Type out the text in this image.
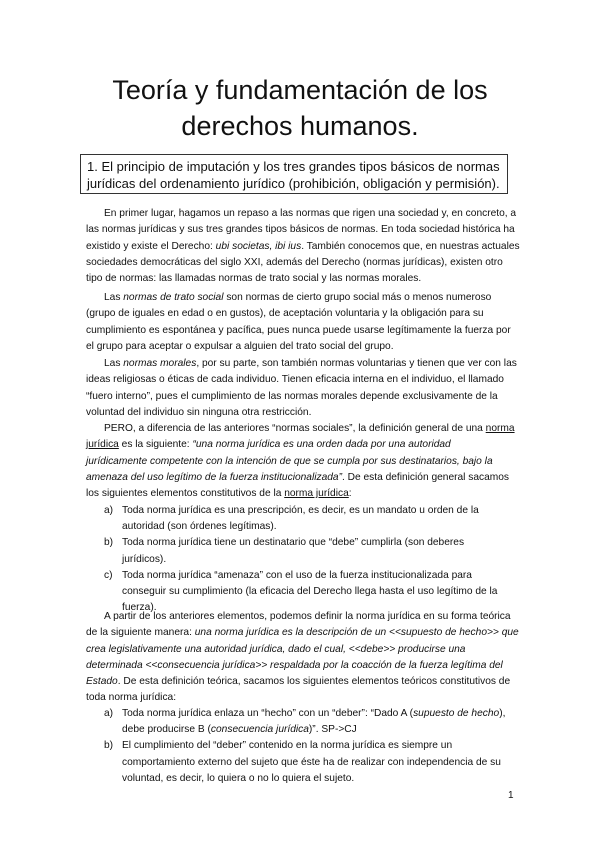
Teoría y fundamentación de los
derechos humanos.
1. El principio de imputación y los tres grandes tipos básicos de normas
jurídicas del ordenamiento jurídico (prohibición, obligación y permisión).
En primer lugar, hagamos un repaso a las normas que rigen una sociedad y, en concreto, a
las normas jurídicas y sus tres grandes tipos básicos de normas. En toda sociedad histórica ha
existido y existe el Derecho: ubi societas, ibi ius. También conocemos que, en nuestras actuales
sociedades democráticas del siglo XXI, además del Derecho (normas jurídicas), existen otro
tipo de normas: las llamadas normas de trato social y las normas morales.
Las normas de trato social son normas de cierto grupo social más o menos numeroso
(grupo de iguales en edad o en gustos), de aceptación voluntaria y la obligación para su
cumplimiento es espontánea y pacífica, pues nunca puede usarse legítimamente la fuerza por
el grupo para aceptar o expulsar a alguien del trato social del grupo.
Las normas morales, por su parte, son también normas voluntarias y tienen que ver con las
ideas religiosas o éticas de cada individuo. Tienen eficacia interna en el individuo, el llamado
“fuero interno”, pues el cumplimiento de las normas morales depende exclusivamente de la
voluntad del individuo sin ninguna otra restricción.
PERO, a diferencia de las anteriores “normas sociales”, la definición general de una norma
jurídica es la siguiente: “una norma jurídica es una orden dada por una autoridad
jurídicamente competente con la intención de que se cumpla por sus destinatarios, bajo la
amenaza del uso legítimo de la fuerza institucionalizada”. De esta definición general sacamos
los siguientes elementos constitutivos de la norma jurídica:
a) Toda norma jurídica es una prescripción, es decir, es un mandato u orden de la
autoridad (son órdenes legítimas).
b) Toda norma jurídica tiene un destinatario que “debe” cumplirla (son deberes
jurídicos).
c) Toda norma jurídica “amenaza” con el uso de la fuerza institucionalizada para
conseguir su cumplimiento (la eficacia del Derecho llega hasta el uso legítimo de la
fuerza).
A partir de los anteriores elementos, podemos definir la norma jurídica en su forma teórica
de la siguiente manera: una norma jurídica es la descripción de un <<supuesto de hecho>> que
crea legislativamente una autoridad jurídica, dado el cual, <<debe>> producirse una
determinada <<consecuencia jurídica>> respaldada por la coacción de la fuerza legítima del
Estado. De esta definición teórica, sacamos los siguientes elementos teóricos constitutivos de
toda norma jurídica:
a) Toda norma jurídica enlaza un “hecho” con un “deber”: “Dado A (supuesto de hecho),
debe producirse B (consecuencia jurídica)”. SP->CJ
b) El cumplimiento del “deber” contenido en la norma jurídica es siempre un
comportamiento externo del sujeto que éste ha de realizar con independencia de su
voluntad, es decir, lo quiera o no lo quiera el sujeto.
1
